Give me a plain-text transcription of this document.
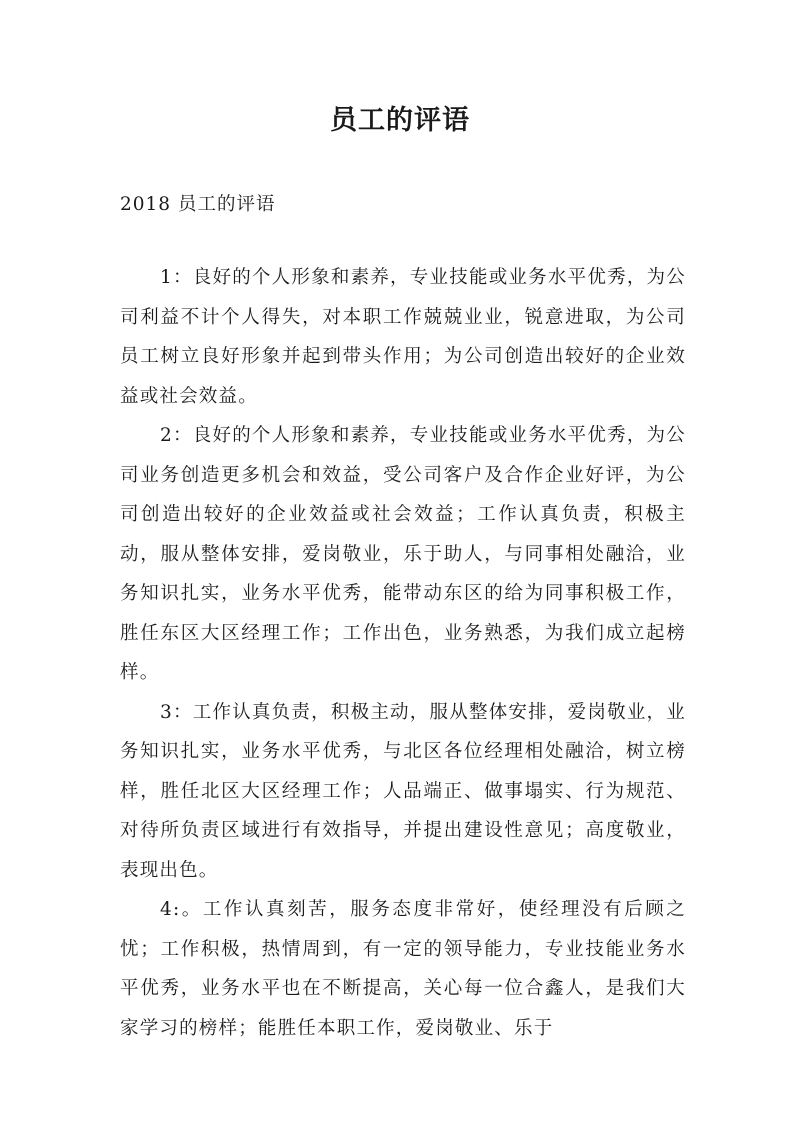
员工的评语

2018 员工的评语

1：良好的个人形象和素养，专业技能或业务水平优秀，为公司利益不计个人得失，对本职工作兢兢业业，锐意进取，为公司员工树立良好形象并起到带头作用；为公司创造出较好的企业效益或社会效益。

2：良好的个人形象和素养，专业技能或业务水平优秀，为公司业务创造更多机会和效益，受公司客户及合作企业好评，为公司创造出较好的企业效益或社会效益；工作认真负责，积极主动，服从整体安排，爱岗敬业，乐于助人，与同事相处融洽，业务知识扎实，业务水平优秀，能带动东区的给为同事积极工作，胜任东区大区经理工作；工作出色，业务熟悉，为我们成立起榜样。

3：工作认真负责，积极主动，服从整体安排，爱岗敬业，业务知识扎实，业务水平优秀，与北区各位经理相处融洽，树立榜样，胜任北区大区经理工作；人品端正、做事塌实、行为规范、对待所负责区域进行有效指导，并提出建设性意见；高度敬业，表现出色。

4:。工作认真刻苦，服务态度非常好，使经理没有后顾之忧；工作积极，热情周到，有一定的领导能力，专业技能业务水平优秀，业务水平也在不断提高，关心每一位合鑫人，是我们大家学习的榜样；能胜任本职工作，爱岗敬业、乐于
